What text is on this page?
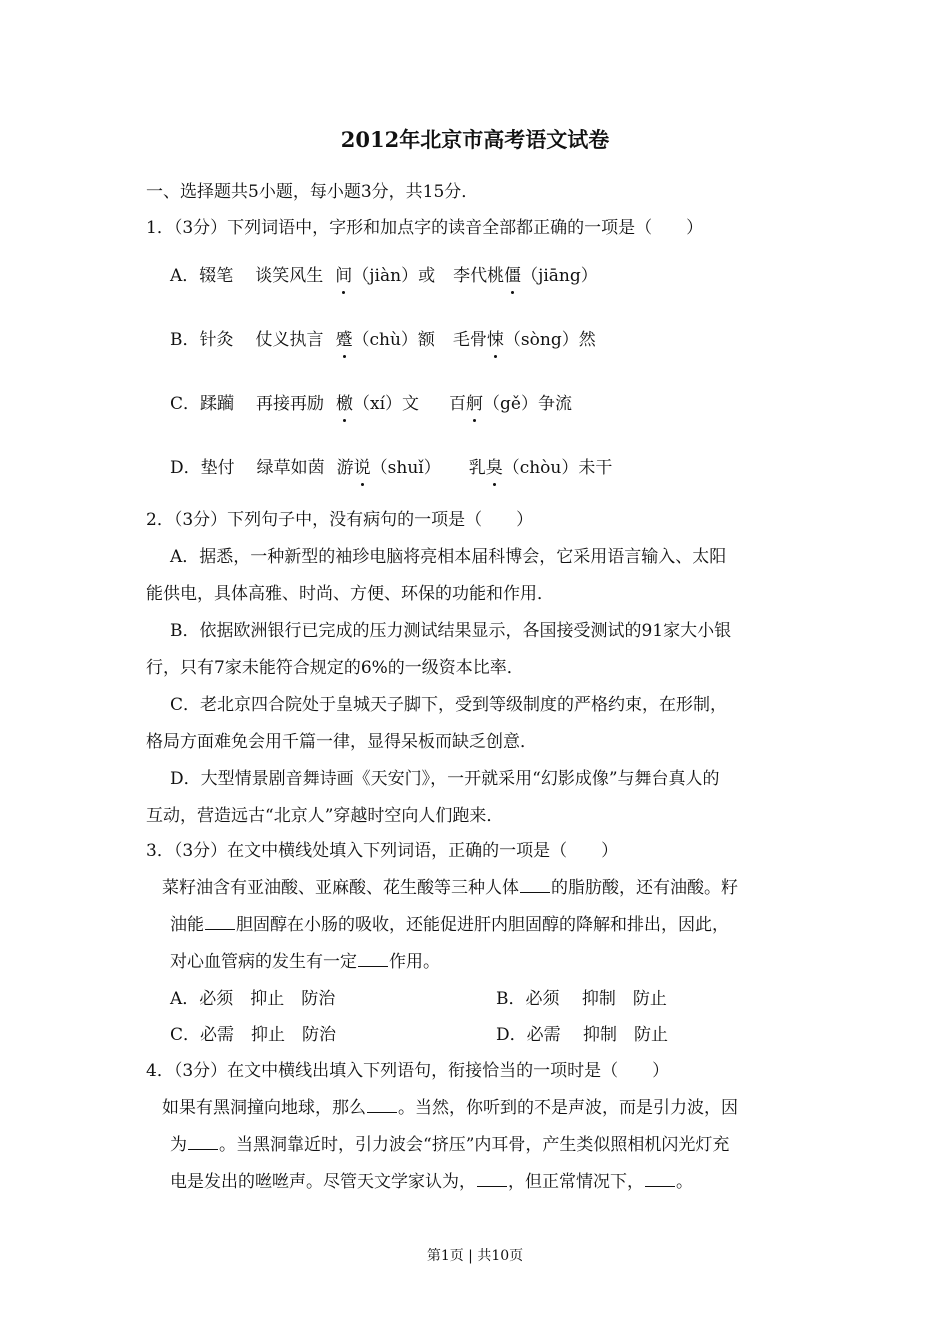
2012年北京市高考语文试卷
一、选择题共5小题，每小题3分，共15分．
1．（3分）下列词语中，字形和加点字的读音全部都正确的一项是（　　）
A．辍笔 谈笑风生 间（jiàn）或 李代桃僵（jiāng）
B．针灸 仗义执言 蹙（chù）额 毛骨悚（sòng）然
C．蹂躏 再接再励 檄（xí）文 百舸（gě）争流
D．垫付 绿草如茵 游说（shuǐ） 乳臭（chòu）未干
2．（3分）下列句子中，没有病句的一项是（　　）
A．据悉，一种新型的袖珍电脑将亮相本届科博会，它采用语言输入、太阳
能供电，具体高雅、时尚、方便、环保的功能和作用．
B．依据欧洲银行已完成的压力测试结果显示，各国接受测试的91家大小银
行，只有7家未能符合规定的6%的一级资本比率．
C．老北京四合院处于皇城天子脚下，受到等级制度的严格约束，在形制，
格局方面难免会用千篇一律，显得呆板而缺乏创意．
D．大型情景剧音舞诗画《天安门》，一开就采用“幻影成像”与舞台真人的
互动，营造远古“北京人”穿越时空向人们跑来．
3．（3分）在文中横线处填入下列词语，正确的一项是（　　）
菜籽油含有亚油酸、亚麻酸、花生酸等三种人体 的脂肪酸，还有油酸。籽
油能 胆固醇在小肠的吸收，还能促进肝内胆固醇的降解和排出，因此，
对心血管病的发生有一定 作用。
A．必须　抑止　防治	B．必须　 抑制　防止
C．必需　抑止　防治	D．必需　 抑制　防止
4．（3分）在文中横线出填入下列语句，衔接恰当的一项时是（　　）
如果有黑洞撞向地球，那么 。当然，你听到的不是声波，而是引力波，因
为 。当黑洞靠近时，引力波会“挤压”内耳骨，产生类似照相机闪光灯充
电是发出的咝咝声。尽管天文学家认为， ，但正常情况下， 。
第1页 | 共10页
